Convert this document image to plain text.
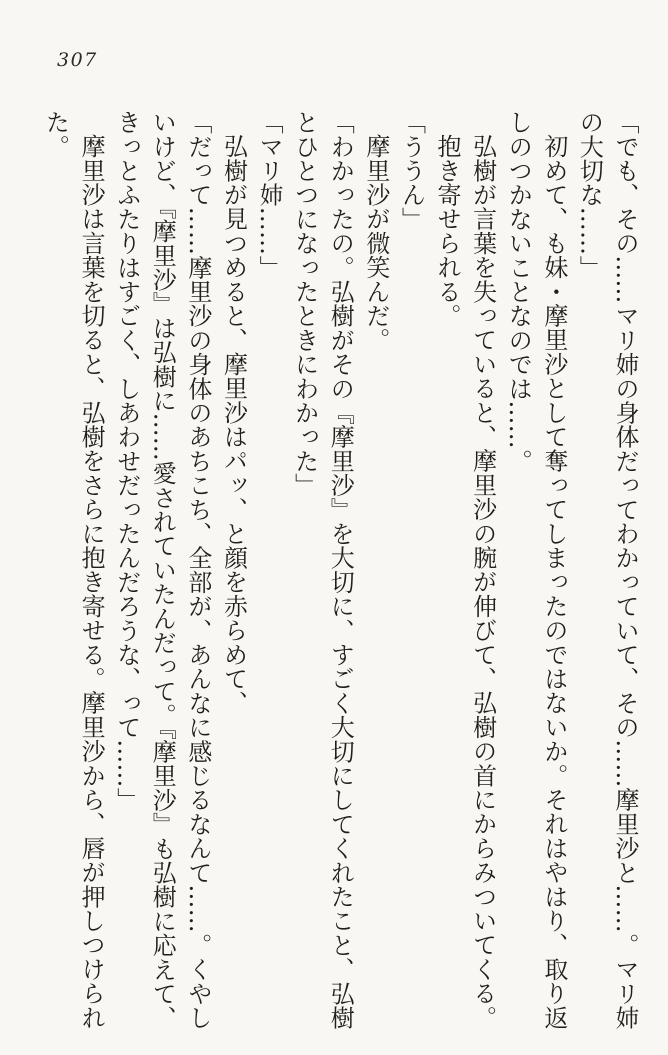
307

「でも、その……マリ姉の身体だってわかっていて、その……摩里沙と……。マリ姉

の大切な……」

初めて、も妹・摩里沙として奪ってしまったのではないか。それはやはり、取り返

しのつかないことなのでは……。

弘樹が言葉を失っていると、摩里沙の腕が伸びて、弘樹の首にからみついてくる。

抱き寄せられる。

「ううん」

摩里沙が微笑んだ。

「わかったの。弘樹がその『摩里沙』を大切に、すごく大切にしてくれたこと、弘樹

とひとつになったときにわかった」

「マリ姉……」

弘樹が見つめると、摩里沙はパッ、と顔を赤らめて、

「だって……摩里沙の身体のあちこち、全部が、あんなに感じるなんて……。くやし

いけど、『摩里沙』は弘樹に……愛されていたんだって。『摩里沙』も弘樹に応えて、

きっとふたりはすごく、しあわせだったんだろうな、って……」

摩里沙は言葉を切ると、弘樹をさらに抱き寄せる。摩里沙から、唇が押しつけられ

た。
